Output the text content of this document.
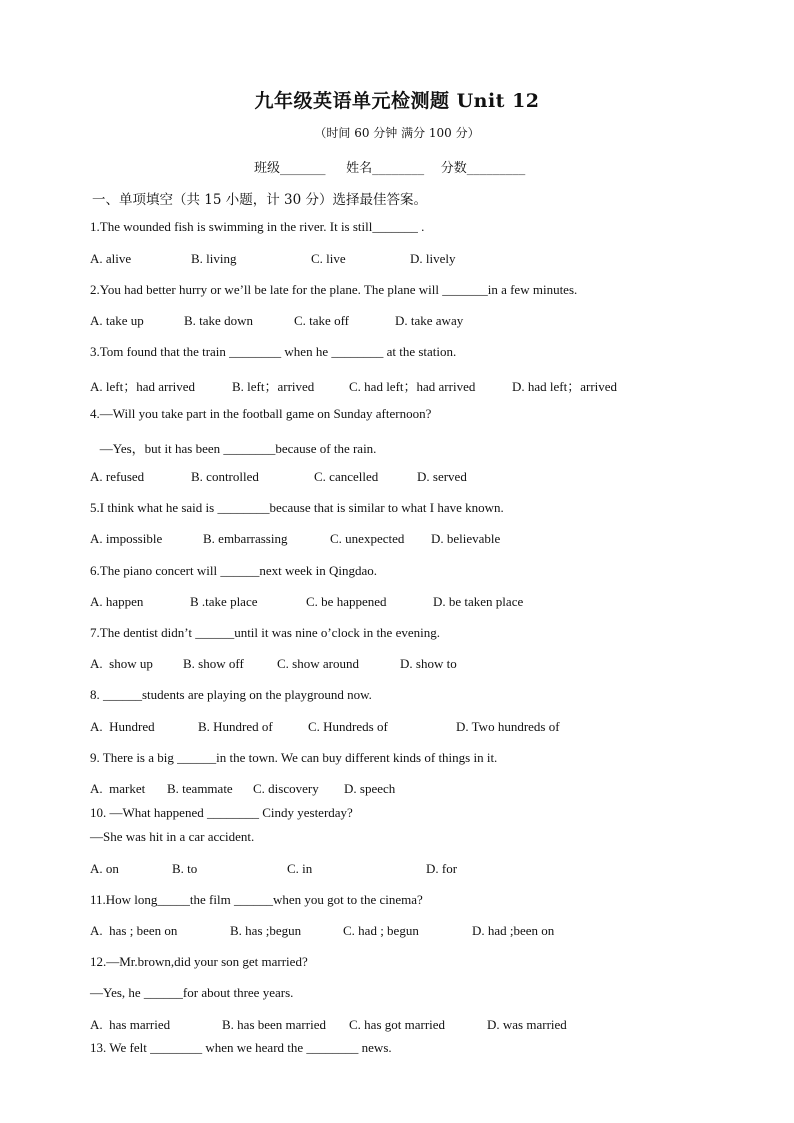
九年级英语单元检测题 Unit 12
（时间 60 分钟 满分 100 分）
班级_______     姓名________    分数_________
一、单项填空（共 15 小题，计 30 分）选择最佳答案。
1.The wounded fish is swimming in the river. It is still_______ .
A. alive	B. living	C. live	D. lively
2.You had better hurry or we’ll be late for the plane. The plane will _______in a few minutes.
A. take up	B. take down	C. take off	D. take away
3.Tom found that the train ________ when he ________ at the station.
A. left；had arrived	B. left；arrived	C. had left；had arrived	D. had left；arrived
4.—Will you take part in the football game on Sunday afternoon?
—Yes，but it has been ________because of the rain.
A. refused	B. controlled	C. cancelled	D. served
5.I think what he said is ________because that is similar to what I have known.
A. impossible	B. embarrassing	C. unexpected D. believable
6.The piano concert will ______next week in Qingdao.
A. happen	B .take place	C. be happened	D. be taken place
7.The dentist didn’t ______until it was nine o’clock in the evening.
A.  show up B. show off	C. show around	D. show to
8. ______students are playing on the playground now.
A.  Hundred	B. Hundred of	C. Hundreds of	D. Two hundreds of
9. There is a big ______in the town. We can buy different kinds of things in it.
A.  market B. teammate C. discovery D. speech
10. —What happened ________ Cindy yesterday?
—She was hit in a car accident.
A. on	B. to	C. in	D. for
11.How long_____the film ______when you got to the cinema?
A.  has ; been on	B. has ;begun	C. had ; begun	D. had ;been on
12.—Mr.brown,did your son get married?
—Yes, he ______for about three years.
A.  has married	B. has been married C. has got married	D. was married
13. We felt ________ when we heard the ________ news.
